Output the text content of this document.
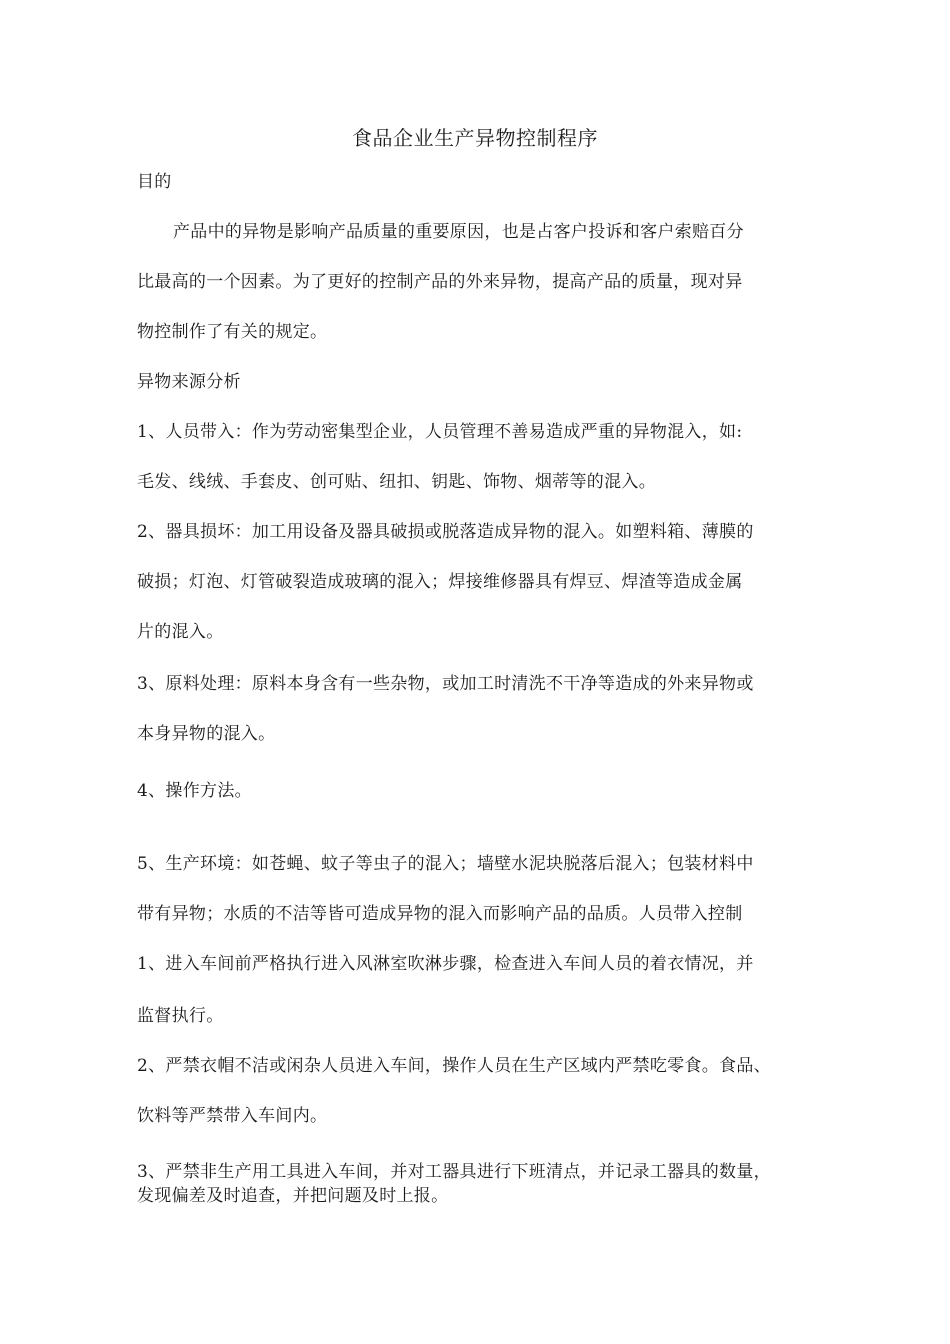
食品企业生产异物控制程序
目的
产品中的异物是影响产品质量的重要原因，也是占客户投诉和客户索赔百分
比最高的一个因素。为了更好的控制产品的外来异物，提高产品的质量，现对异
物控制作了有关的规定。
异物来源分析
1、人员带入：作为劳动密集型企业，人员管理不善易造成严重的异物混入，如:
毛发、线绒、手套皮、创可贴、纽扣、钥匙、饰物、烟蒂等的混入。
2、器具损坏：加工用设备及器具破损或脱落造成异物的混入。如塑料箱、薄膜的
破损；灯泡、灯管破裂造成玻璃的混入；焊接维修器具有焊豆、焊渣等造成金属
片的混入。
3、原料处理：原料本身含有一些杂物，或加工时清洗不干净等造成的外来异物或
本身异物的混入。
4、操作方法。
5、生产环境：如苍蝇、蚊子等虫子的混入；墙壁水泥块脱落后混入；包装材料中
带有异物；水质的不洁等皆可造成异物的混入而影响产品的品质。人员带入控制
1、进入车间前严格执行进入风淋室吹淋步骤，检查进入车间人员的着衣情况，并
监督执行。
2、严禁衣帽不洁或闲杂人员进入车间，操作人员在生产区域内严禁吃零食。食品、
饮料等严禁带入车间内。
3、严禁非生产用工具进入车间，并对工器具进行下班清点，并记录工器具的数量，
发现偏差及时追查，并把问题及时上报。
